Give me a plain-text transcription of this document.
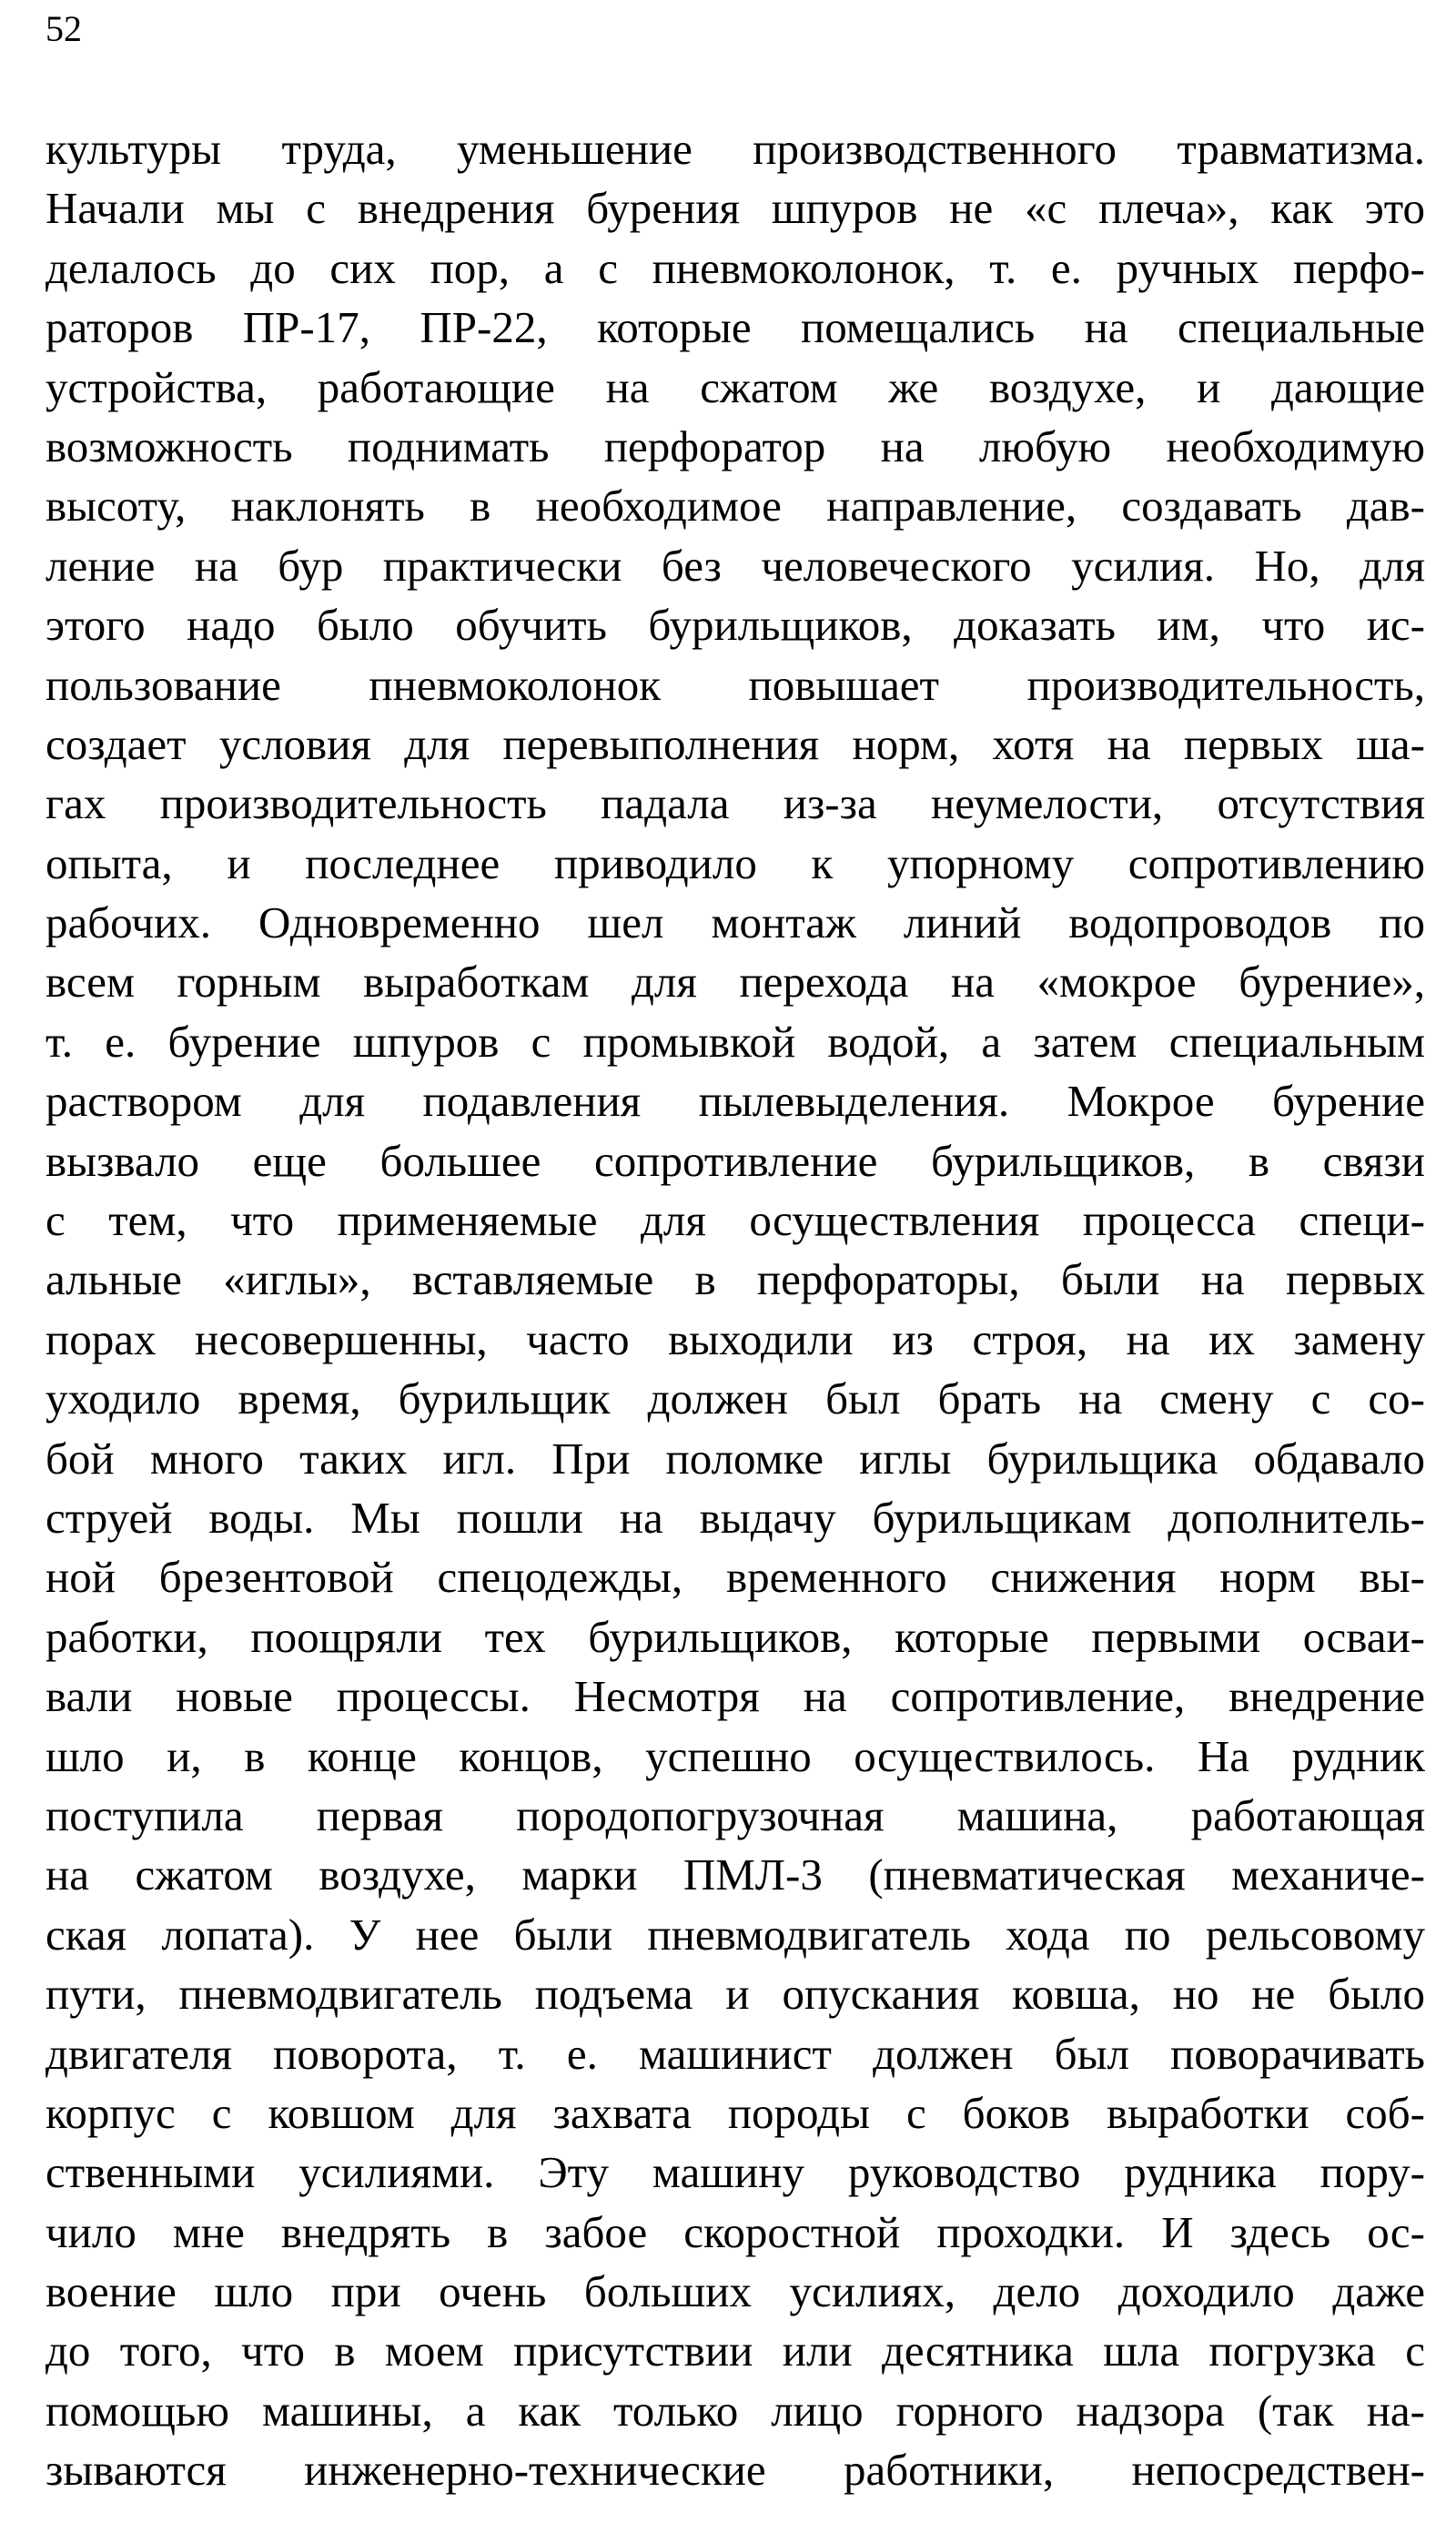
52
культуры труда, уменьшение производственного травматизма.
Начали мы с внедрения бурения шпуров не «с плеча», как это
делалось до сих пор, а с пневмоколонок, т. е. ручных перфо-
раторов ПР-17, ПР-22, которые помещались на специальные
устройства, работающие на сжатом же воздухе, и дающие
возможность поднимать перфоратор на любую необходимую
высоту, наклонять в необходимое направление, создавать дав-
ление на бур практически без человеческого усилия. Но, для
этого надо было обучить бурильщиков, доказать им, что ис-
пользование пневмоколонок повышает производительность,
создает условия для перевыполнения норм, хотя на первых ша-
гах производительность падала из-за неумелости, отсутствия
опыта, и последнее приводило к упорному сопротивлению
рабочих. Одновременно шел монтаж линий водопроводов по
всем горным выработкам для перехода на «мокрое бурение»,
т. е. бурение шпуров с промывкой водой, а затем специальным
раствором для подавления пылевыделения. Мокрое бурение
вызвало еще большее сопротивление бурильщиков, в связи
с тем, что применяемые для осуществления процесса специ-
альные «иглы», вставляемые в перфораторы, были на первых
порах несовершенны, часто выходили из строя, на их замену
уходило время, бурильщик должен был брать на смену с со-
бой много таких игл. При поломке иглы бурильщика обдавало
струей воды. Мы пошли на выдачу бурильщикам дополнитель-
ной брезентовой спецодежды, временного снижения норм вы-
работки, поощряли тех бурильщиков, которые первыми осваи-
вали новые процессы. Несмотря на сопротивление, внедрение
шло и, в конце концов, успешно осуществилось. На рудник
поступила первая породопогрузочная машина, работающая
на сжатом воздухе, марки ПМЛ-3 (пневматическая механиче-
ская лопата). У нее были пневмодвигатель хода по рельсовому
пути, пневмодвигатель подъема и опускания ковша, но не было
двигателя поворота, т. е. машинист должен был поворачивать
корпус с ковшом для захвата породы с боков выработки соб-
ственными усилиями. Эту машину руководство рудника пору-
чило мне внедрять в забое скоростной проходки. И здесь ос-
воение шло при очень больших усилиях, дело доходило даже
до того, что в моем присутствии или десятника шла погрузка с
помощью машины, а как только лицо горного надзора (так на-
зываются инженерно-технические работники, непосредствен-
